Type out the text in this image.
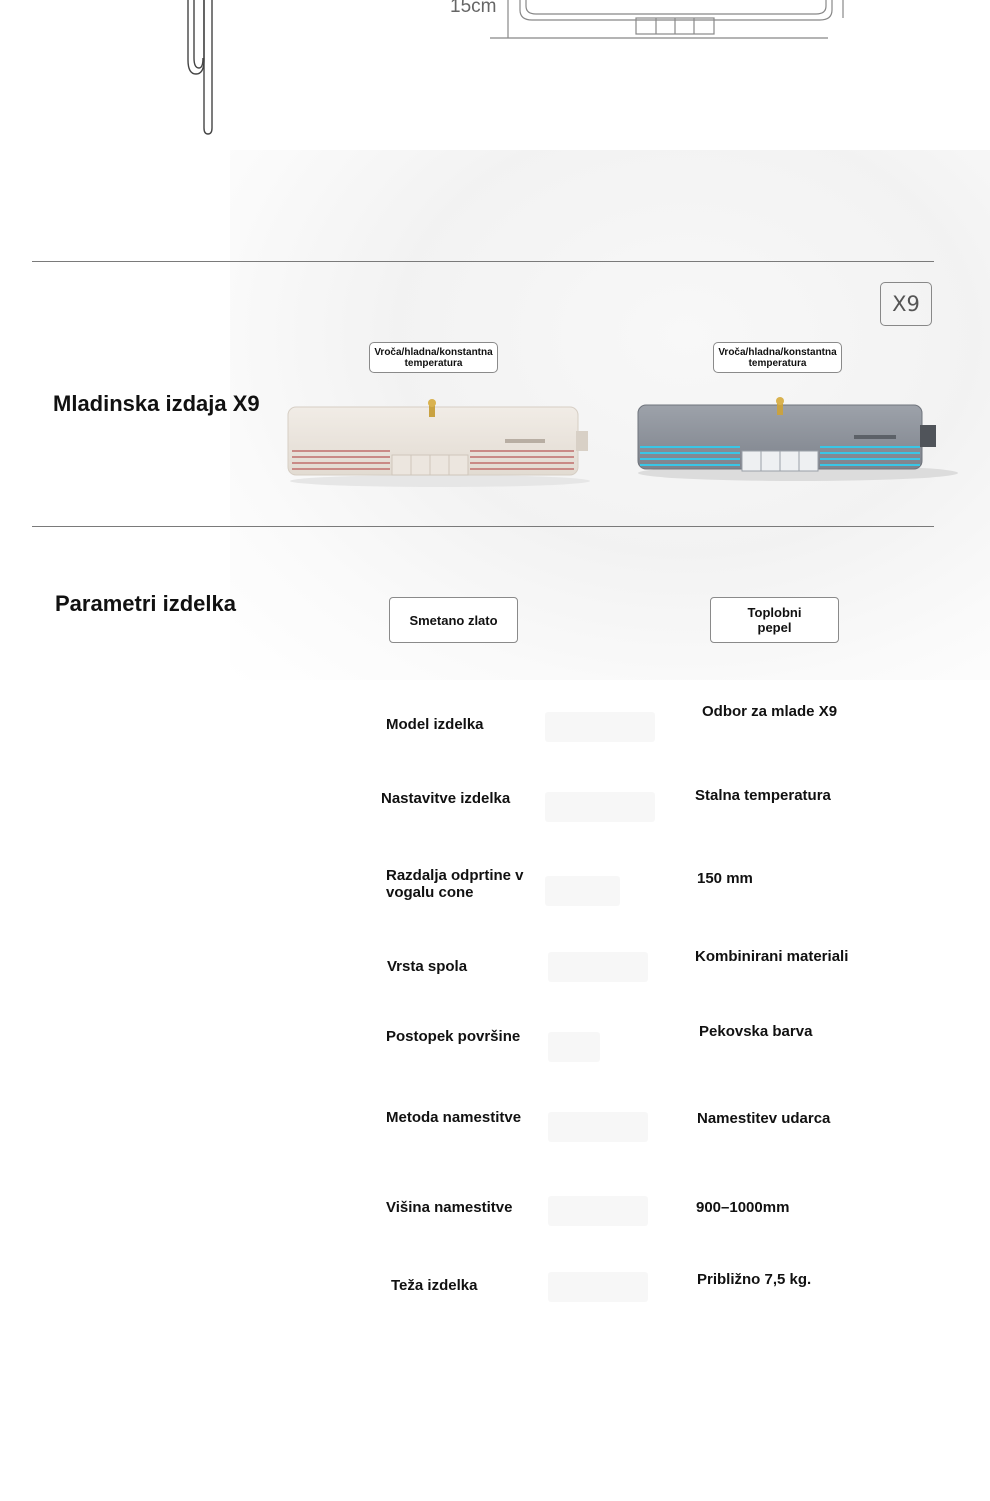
15cm
Mladinska izdaja X9
X9
Vroča/hladna/konstantna temperatura
Vroča/hladna/konstantna temperatura
Parametri izdelka
Smetano zlato	Toplobni
pepel
Model izdelka
Nastavitve izdelka
Razdalja odprtine v
vogalu cone
Vrsta spola
Postopek površine
Metoda namestitve
Višina namestitve
Teža izdelka
Odbor za mlade X9
Stalna temperatura
150 mm
Kombinirani materiali
Pekovska barva
Namestitev udarca
900–1000mm
Približno 7,5 kg.
